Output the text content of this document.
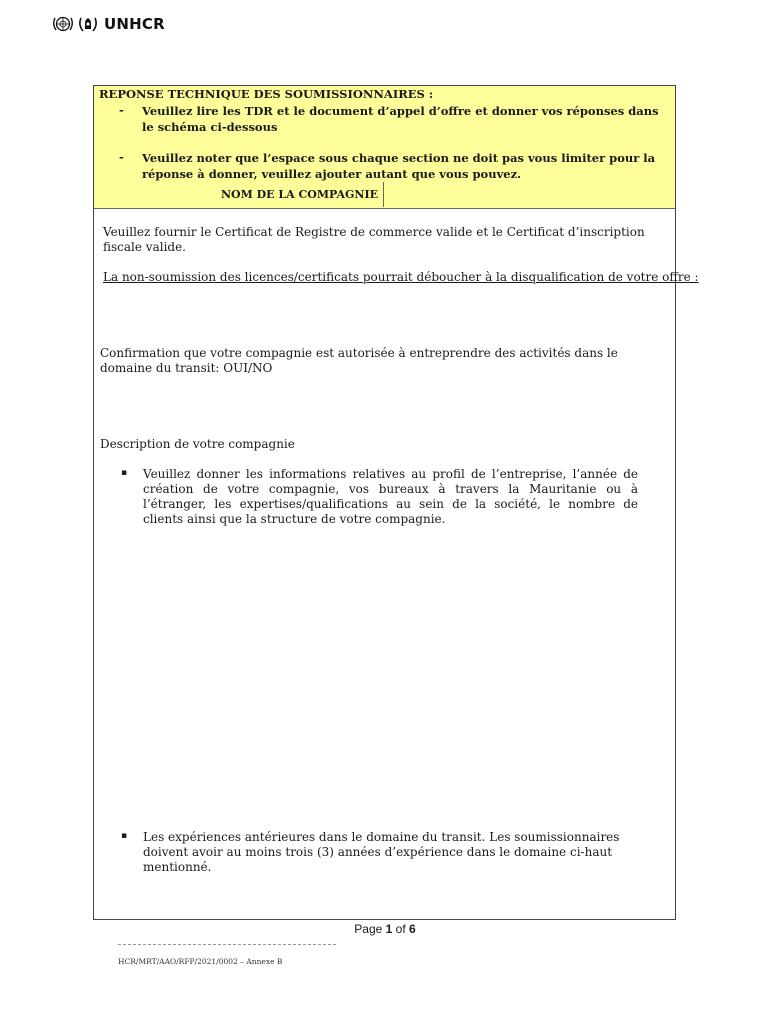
UNHCR
REPONSE TECHNIQUE DES SOUMISSIONNAIRES :
- Veuillez lire les TDR et le document d’appel d’offre et donner vos réponses dans le schéma ci-dessous
- Veuillez noter que l’espace sous chaque section ne doit pas vous limiter pour la réponse à donner, veuillez ajouter autant que vous pouvez.
NOM DE LA COMPAGNIE
Veuillez fournir le Certificat de Registre de commerce valide et le Certificat d’inscription fiscale valide.
La non-soumission des licences/certificats pourrait déboucher à la disqualification de votre offre :
Confirmation que votre compagnie est autorisée à entreprendre des activités dans le domaine du transit: OUI/NO
Description de votre compagnie
▪ Veuillez donner les informations relatives au profil de l’entreprise, l’année de création de votre compagnie, vos bureaux à travers la Mauritanie ou à l’étranger, les expertises/qualifications au sein de la société, le nombre de clients ainsi que la structure de votre compagnie.
▪ Les expériences antérieures dans le domaine du transit. Les soumissionnaires doivent avoir au moins trois (3) années d’expérience dans le domaine ci-haut mentionné.
Page 1 of 6
HCR/MRT/AAO/RFP/2021/0002 – Annexe B
